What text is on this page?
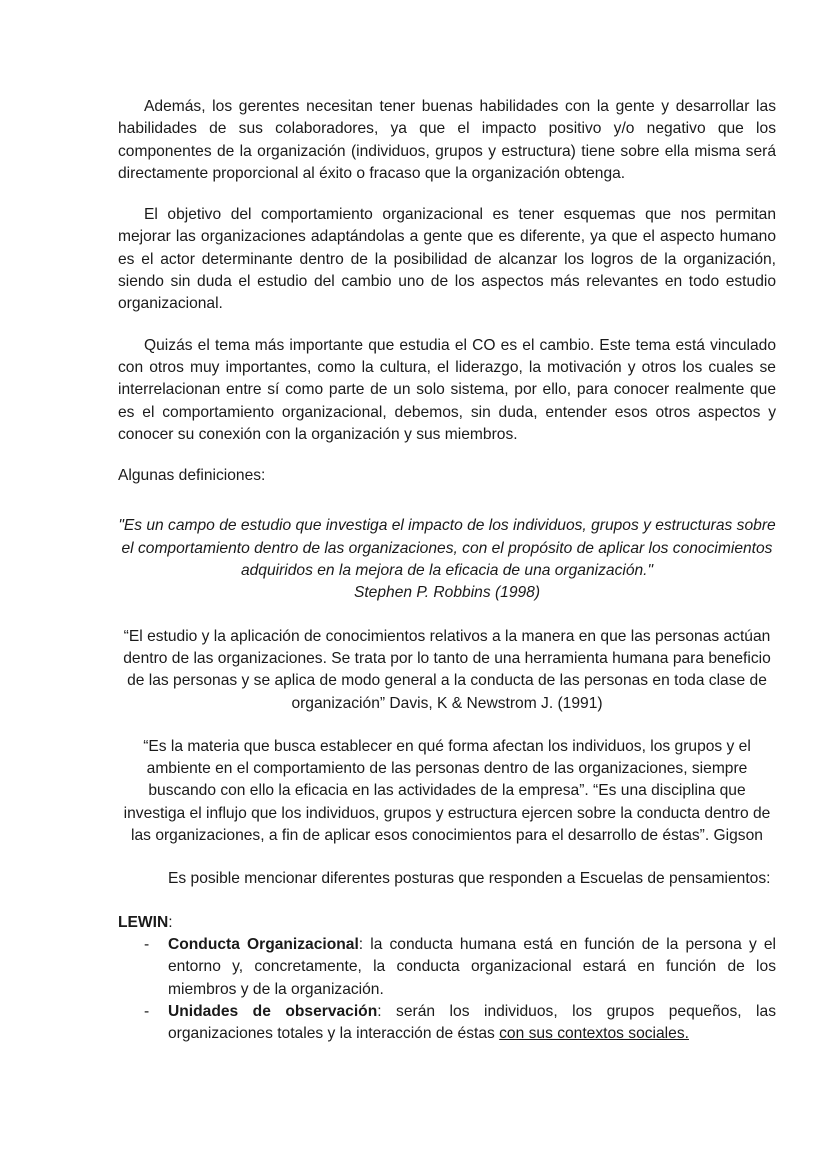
Además, los gerentes necesitan tener buenas habilidades con la gente y desarrollar las habilidades de sus colaboradores, ya que el impacto positivo y/o negativo que los componentes de la organización (individuos, grupos y estructura) tiene sobre ella misma será directamente proporcional al éxito o fracaso que la organización obtenga.

El objetivo del comportamiento organizacional es tener esquemas que nos permitan mejorar las organizaciones adaptándolas a gente que es diferente, ya que el aspecto humano es el actor determinante dentro de la posibilidad de alcanzar los logros de la organización, siendo sin duda el estudio del cambio uno de los aspectos más relevantes en todo estudio organizacional.

Quizás el tema más importante que estudia el CO es el cambio. Este tema está vinculado con otros muy importantes, como la cultura, el liderazgo, la motivación y otros los cuales se interrelacionan entre sí como parte de un solo sistema, por ello, para conocer realmente que es el comportamiento organizacional, debemos, sin duda, entender esos otros aspectos y conocer su conexión con la organización y sus miembros.

Algunas definiciones:

"Es un campo de estudio que investiga el impacto de los individuos, grupos y estructuras sobre el comportamiento dentro de las organizaciones, con el propósito de aplicar los conocimientos adquiridos en la mejora de la eficacia de una organización."

Stephen P. Robbins (1998)

“El estudio y la aplicación de conocimientos relativos a la manera en que las personas actúan dentro de las organizaciones. Se trata por lo tanto de una herramienta humana para beneficio de las personas y se aplica de modo general a la conducta de las personas en toda clase de organización” Davis, K & Newstrom J. (1991)

“Es la materia que busca establecer en qué forma afectan los individuos, los grupos y el ambiente en el comportamiento de las personas dentro de las organizaciones, siempre buscando con ello la eficacia en las actividades de la empresa”. “Es una disciplina que investiga el influjo que los individuos, grupos y estructura ejercen sobre la conducta dentro de las organizaciones, a fin de aplicar esos conocimientos para el desarrollo de éstas”. Gigson

Es posible mencionar diferentes posturas que responden a Escuelas de pensamientos:

LEWIN:

- Conducta Organizacional: la conducta humana está en función de la persona y el entorno y, concretamente, la conducta organizacional estará en función de los miembros y de la organización.
- Unidades de observación: serán los individuos, los grupos pequeños, las organizaciones totales y la interacción de éstas con sus contextos sociales.
